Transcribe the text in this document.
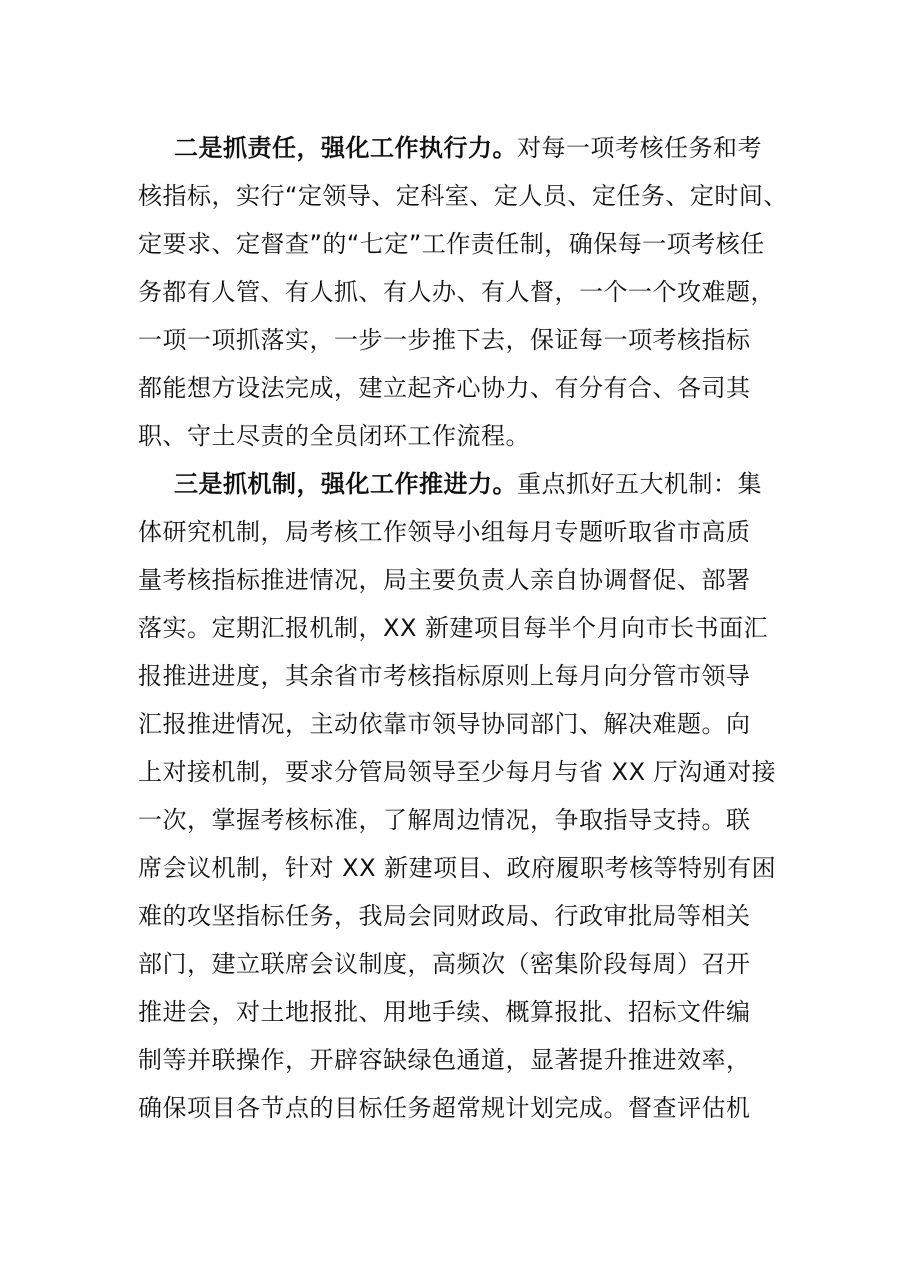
二是抓责任，强化工作执行力。对每一项考核任务和考
核指标，实行“定领导、定科室、定人员、定任务、定时间、
定要求、定督查”的“七定”工作责任制，确保每一项考核任
务都有人管、有人抓、有人办、有人督，一个一个攻难题，
一项一项抓落实，一步一步推下去，保证每一项考核指标
都能想方设法完成，建立起齐心协力、有分有合、各司其
职、守土尽责的全员闭环工作流程。
三是抓机制，强化工作推进力。重点抓好五大机制：集
体研究机制，局考核工作领导小组每月专题听取省市高质
量考核指标推进情况，局主要负责人亲自协调督促、部署
落实。定期汇报机制，XX 新建项目每半个月向市长书面汇
报推进进度，其余省市考核指标原则上每月向分管市领导
汇报推进情况，主动依靠市领导协同部门、解决难题。向
上对接机制，要求分管局领导至少每月与省 XX 厅沟通对接
一次，掌握考核标准，了解周边情况，争取指导支持。联
席会议机制，针对 XX 新建项目、政府履职考核等特别有困
难的攻坚指标任务，我局会同财政局、行政审批局等相关
部门，建立联席会议制度，高频次（密集阶段每周）召开
推进会，对土地报批、用地手续、概算报批、招标文件编
制等并联操作，开辟容缺绿色通道，显著提升推进效率，
确保项目各节点的目标任务超常规计划完成。督查评估机
